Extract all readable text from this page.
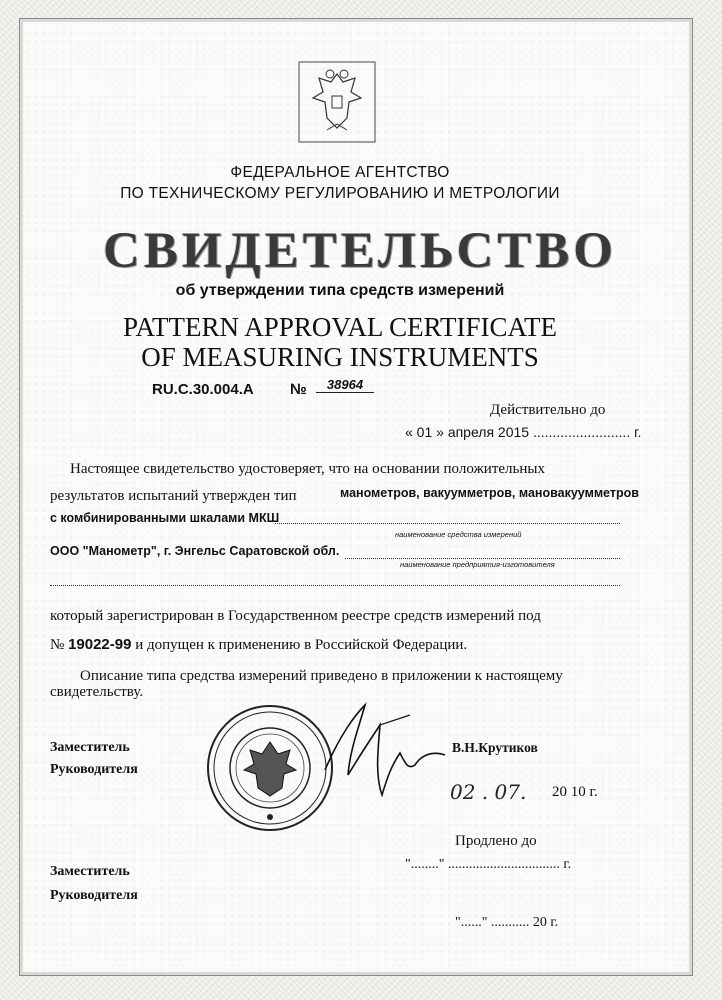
ФЕДЕРАЛЬНОЕ АГЕНТСТВО
ПО ТЕХНИЧЕСКОМУ РЕГУЛИРОВАНИЮ И МЕТРОЛОГИИ
СВИДЕТЕЛЬСТВО
об утверждении типа средств измерений
PATTERN APPROVAL CERTIFICATE
OF MEASURING INSTRUMENTS
RU.C.30.004.A №	38964
Действительно до
« 01 » апреля 2015 ......................... г.
Настоящее свидетельство удостоверяет, что на основании положительных
результатов испытаний утвержден тип	манометров, вакуумметров, мановакуумметров
с комбинированными шкалами МКШ
наименование средства измерений
ООО "Манометр", г. Энгельс Саратовской обл.
наименование предприятия-изготовителя
который зарегистрирован в Государственном реестре средств измерений под
№ 19022-99 и допущен к применению в Российской Федерации.
Описание типа средства измерений приведено в приложении к настоящему
свидетельству.
Заместитель
Руководителя
В.Н.Крутиков
02 . 07. 20 10 г.
Продлено до
"........" ................................ г.
Заместитель
Руководителя
"......" ........... 20 г.
